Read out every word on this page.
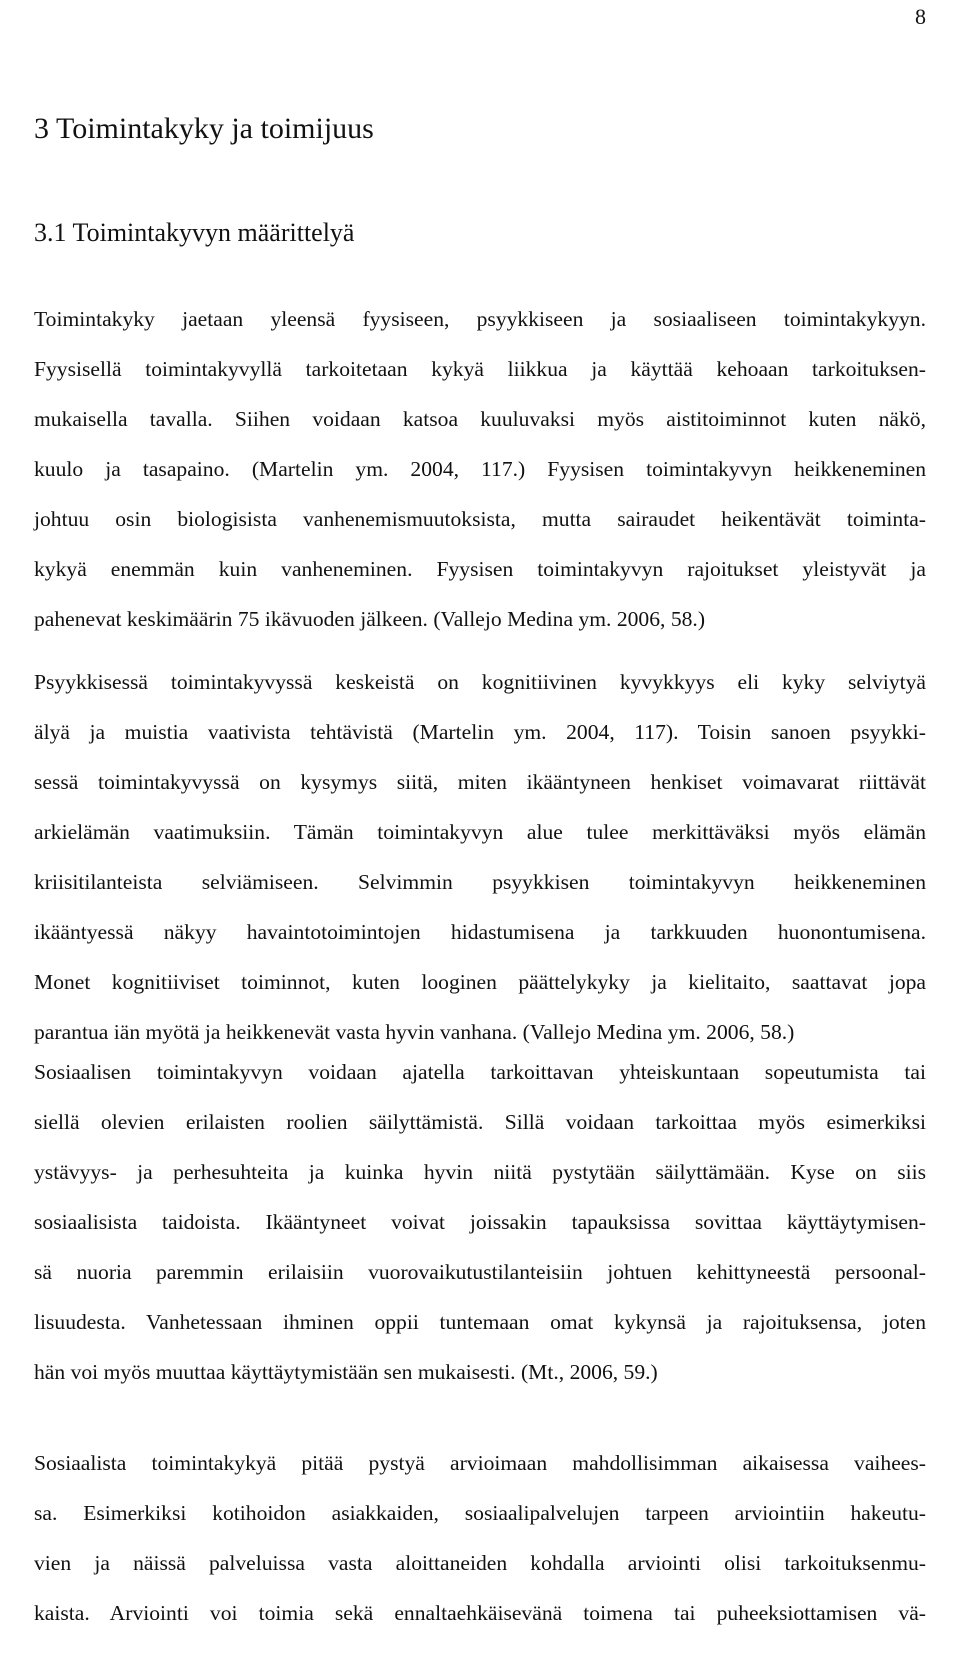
8
3 Toimintakyky ja toimijuus
3.1 Toimintakyvyn määrittelyä

Toimintakyky jaetaan yleensä fyysiseen, psyykkiseen ja sosiaaliseen toimintakykyyn.
Fyysisellä toimintakyvyllä tarkoitetaan kykyä liikkua ja käyttää kehoaan tarkoituksen-
mukaisella tavalla. Siihen voidaan katsoa kuuluvaksi myös aistitoiminnot kuten näkö,
kuulo ja tasapaino. (Martelin ym. 2004, 117.) Fyysisen toimintakyvyn heikkeneminen
johtuu osin biologisista vanhenemismuutoksista, mutta sairaudet heikentävät toiminta-
kykyä enemmän kuin vanheneminen. Fyysisen toimintakyvyn rajoitukset yleistyvät ja
pahenevat keskimäärin 75 ikävuoden jälkeen. (Vallejo Medina ym. 2006, 58.)

Psyykkisessä toimintakyvyssä keskeistä on kognitiivinen kyvykkyys eli kyky selviytyä
älyä ja muistia vaativista tehtävistä (Martelin ym. 2004, 117). Toisin sanoen psyykki-
sessä toimintakyvyssä on kysymys siitä, miten ikääntyneen henkiset voimavarat riittävät
arkielämän vaatimuksiin. Tämän toimintakyvyn alue tulee merkittäväksi myös elämän
kriisitilanteista selviämiseen. Selvimmin psyykkisen toimintakyvyn heikkeneminen
ikääntyessä näkyy havaintotoimintojen hidastumisena ja tarkkuuden huonontumisena.
Monet kognitiiviset toiminnot, kuten looginen päättelykyky ja kielitaito, saattavat jopa
parantua iän myötä ja heikkenevät vasta hyvin vanhana. (Vallejo Medina ym. 2006, 58.)

Sosiaalisen toimintakyvyn voidaan ajatella tarkoittavan yhteiskuntaan sopeutumista tai
siellä olevien erilaisten roolien säilyttämistä. Sillä voidaan tarkoittaa myös esimerkiksi
ystävyys- ja perhesuhteita ja kuinka hyvin niitä pystytään säilyttämään. Kyse on siis
sosiaalisista taidoista. Ikääntyneet voivat joissakin tapauksissa sovittaa käyttäytymisen-
sä nuoria paremmin erilaisiin vuorovaikutustilanteisiin johtuen kehittyneestä persoonal-
lisuudesta. Vanhetessaan ihminen oppii tuntemaan omat kykynsä ja rajoituksensa, joten
hän voi myös muuttaa käyttäytymistään sen mukaisesti. (Mt., 2006, 59.)

Sosiaalista toimintakykyä pitää pystyä arvioimaan mahdollisimman aikaisessa vaihees-
sa. Esimerkiksi kotihoidon asiakkaiden, sosiaalipalvelujen tarpeen arviointiin hakeutu-
vien ja näissä palveluissa vasta aloittaneiden kohdalla arviointi olisi tarkoituksenmu-
kaista. Arviointi voi toimia sekä ennaltaehkäisevänä toimena tai puheeksiottamisen vä-
